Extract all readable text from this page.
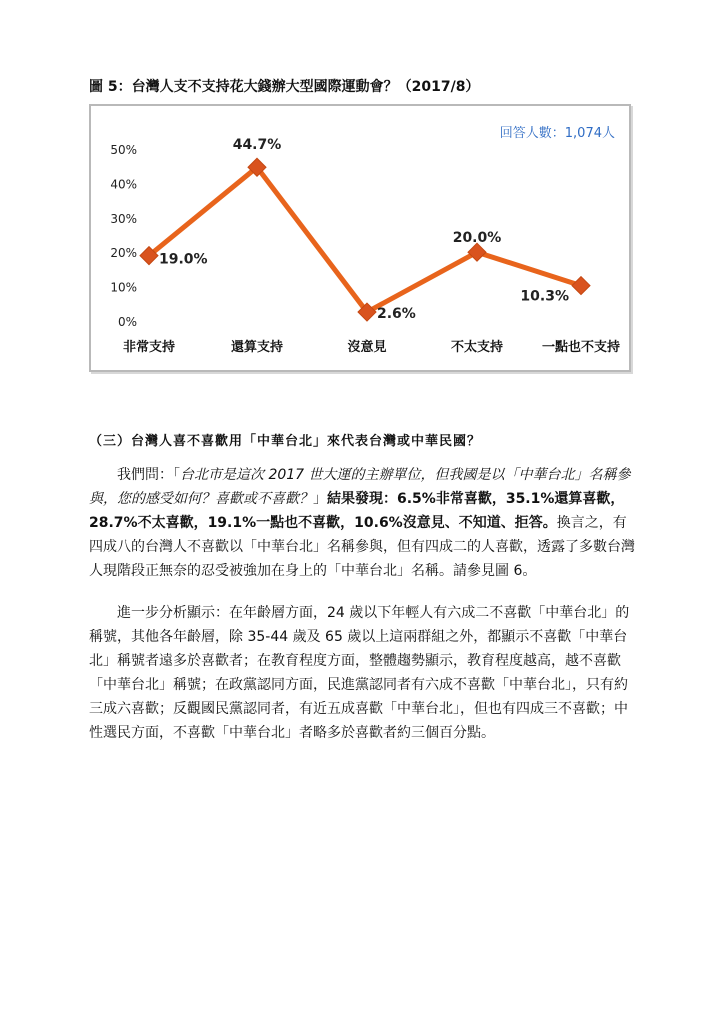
圖 5：台灣人支不支持花大錢辦大型國際運動會？（2017/8）
0%
10%
20%
30%
40%
50%
非常支持	還算支持	沒意見	不太支持	一點也不支持
19.0%
44.7%
2.6%
20.0%
10.3%
回答人數：1,074人
（三）台灣人喜不喜歡用「中華台北」來代表台灣或中華民國？
我們問：「台北市是這次 2017 世大運的主辦單位，但我國是以「中華台北」名稱參與，您的感受如何？喜歡或不喜歡？」結果發現：6.5%非常喜歡，35.1%還算喜歡，28.7%不太喜歡，19.1%一點也不喜歡，10.6%沒意見、不知道、拒答。換言之，有四成八的台灣人不喜歡以「中華台北」名稱參與，但有四成二的人喜歡，透露了多數台灣人現階段正無奈的忍受被強加在身上的「中華台北」名稱。請參見圖 6。
進一步分析顯示：在年齡層方面，24 歲以下年輕人有六成二不喜歡「中華台北」的稱號，其他各年齡層，除 35-44 歲及 65 歲以上這兩群組之外，都顯示不喜歡「中華台北」稱號者遠多於喜歡者；在教育程度方面，整體趨勢顯示，教育程度越高，越不喜歡「中華台北」稱號；在政黨認同方面，民進黨認同者有六成不喜歡「中華台北」，只有約三成六喜歡；反觀國民黨認同者，有近五成喜歡「中華台北」，但也有四成三不喜歡；中性選民方面，不喜歡「中華台北」者略多於喜歡者約三個百分點。
